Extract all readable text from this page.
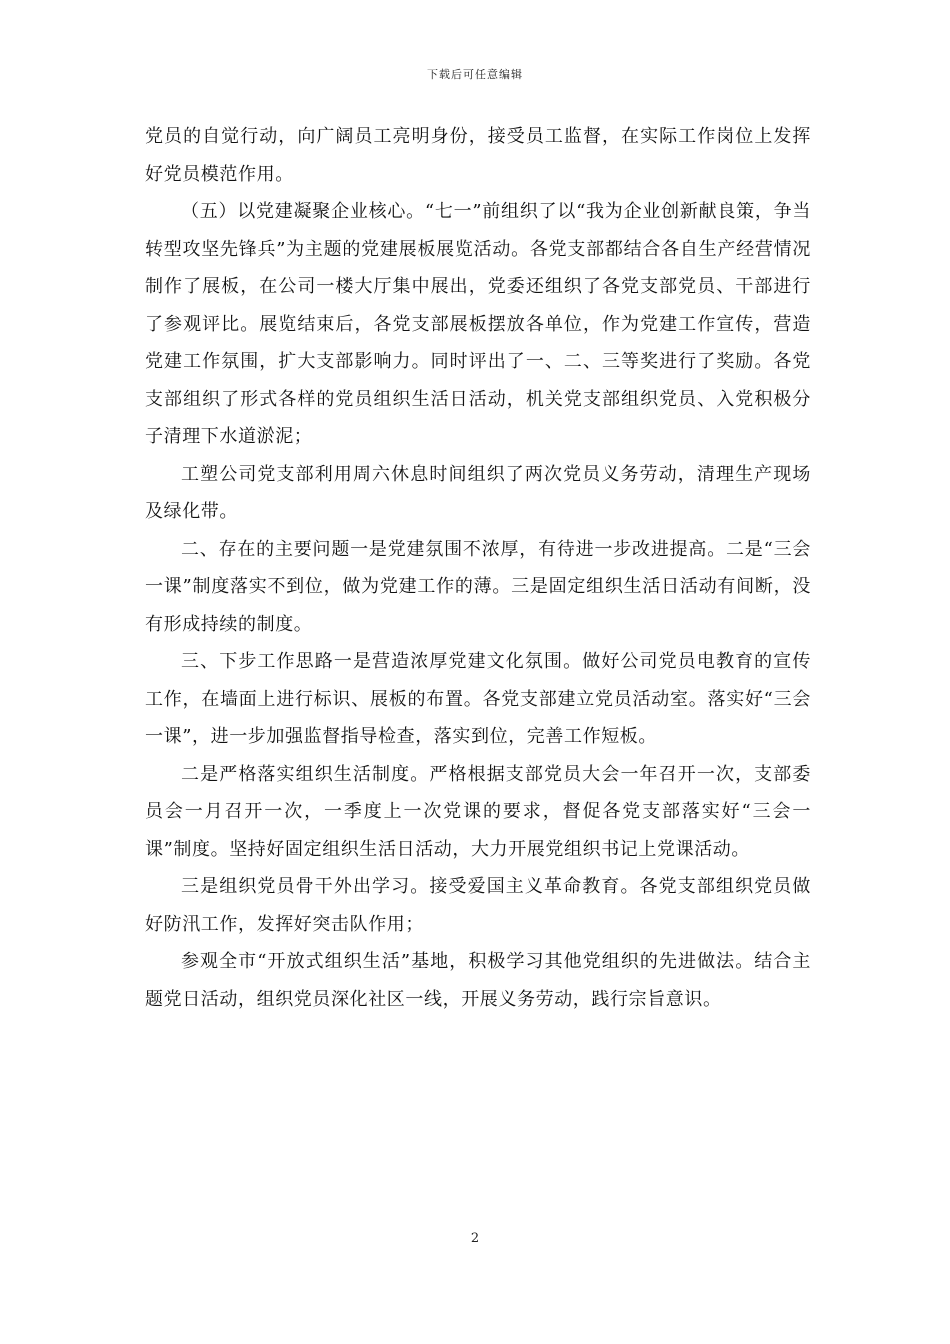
下载后可任意编辑

党员的自觉行动，向广阔员工亮明身份，接受员工监督，在实际工作岗位上发挥好党员模范作用。

（五）以党建凝聚企业核心。“七一”前组织了以“我为企业创新献良策，争当转型攻坚先锋兵”为主题的党建展板展览活动。各党支部都结合各自生产经营情况制作了展板，在公司一楼大厅集中展出，党委还组织了各党支部党员、干部进行了参观评比。展览结束后，各党支部展板摆放各单位，作为党建工作宣传，营造党建工作氛围，扩大支部影响力。同时评出了一、二、三等奖进行了奖励。各党支部组织了形式各样的党员组织生活日活动，机关党支部组织党员、入党积极分子清理下水道淤泥；

工塑公司党支部利用周六休息时间组织了两次党员义务劳动，清理生产现场及绿化带。

二、存在的主要问题一是党建氛围不浓厚，有待进一步改进提高。二是“三会一课”制度落实不到位，做为党建工作的薄。三是固定组织生活日活动有间断，没有形成持续的制度。

三、下步工作思路一是营造浓厚党建文化氛围。做好公司党员电教育的宣传工作，在墙面上进行标识、展板的布置。各党支部建立党员活动室。落实好“三会一课”，进一步加强监督指导检查，落实到位，完善工作短板。

二是严格落实组织生活制度。严格根据支部党员大会一年召开一次，支部委员会一月召开一次，一季度上一次党课的要求，督促各党支部落实好“三会一课”制度。坚持好固定组织生活日活动，大力开展党组织书记上党课活动。

三是组织党员骨干外出学习。接受爱国主义革命教育。各党支部组织党员做好防汛工作，发挥好突击队作用；

参观全市“开放式组织生活”基地，积极学习其他党组织的先进做法。结合主题党日活动，组织党员深化社区一线，开展义务劳动，践行宗旨意识。

2
